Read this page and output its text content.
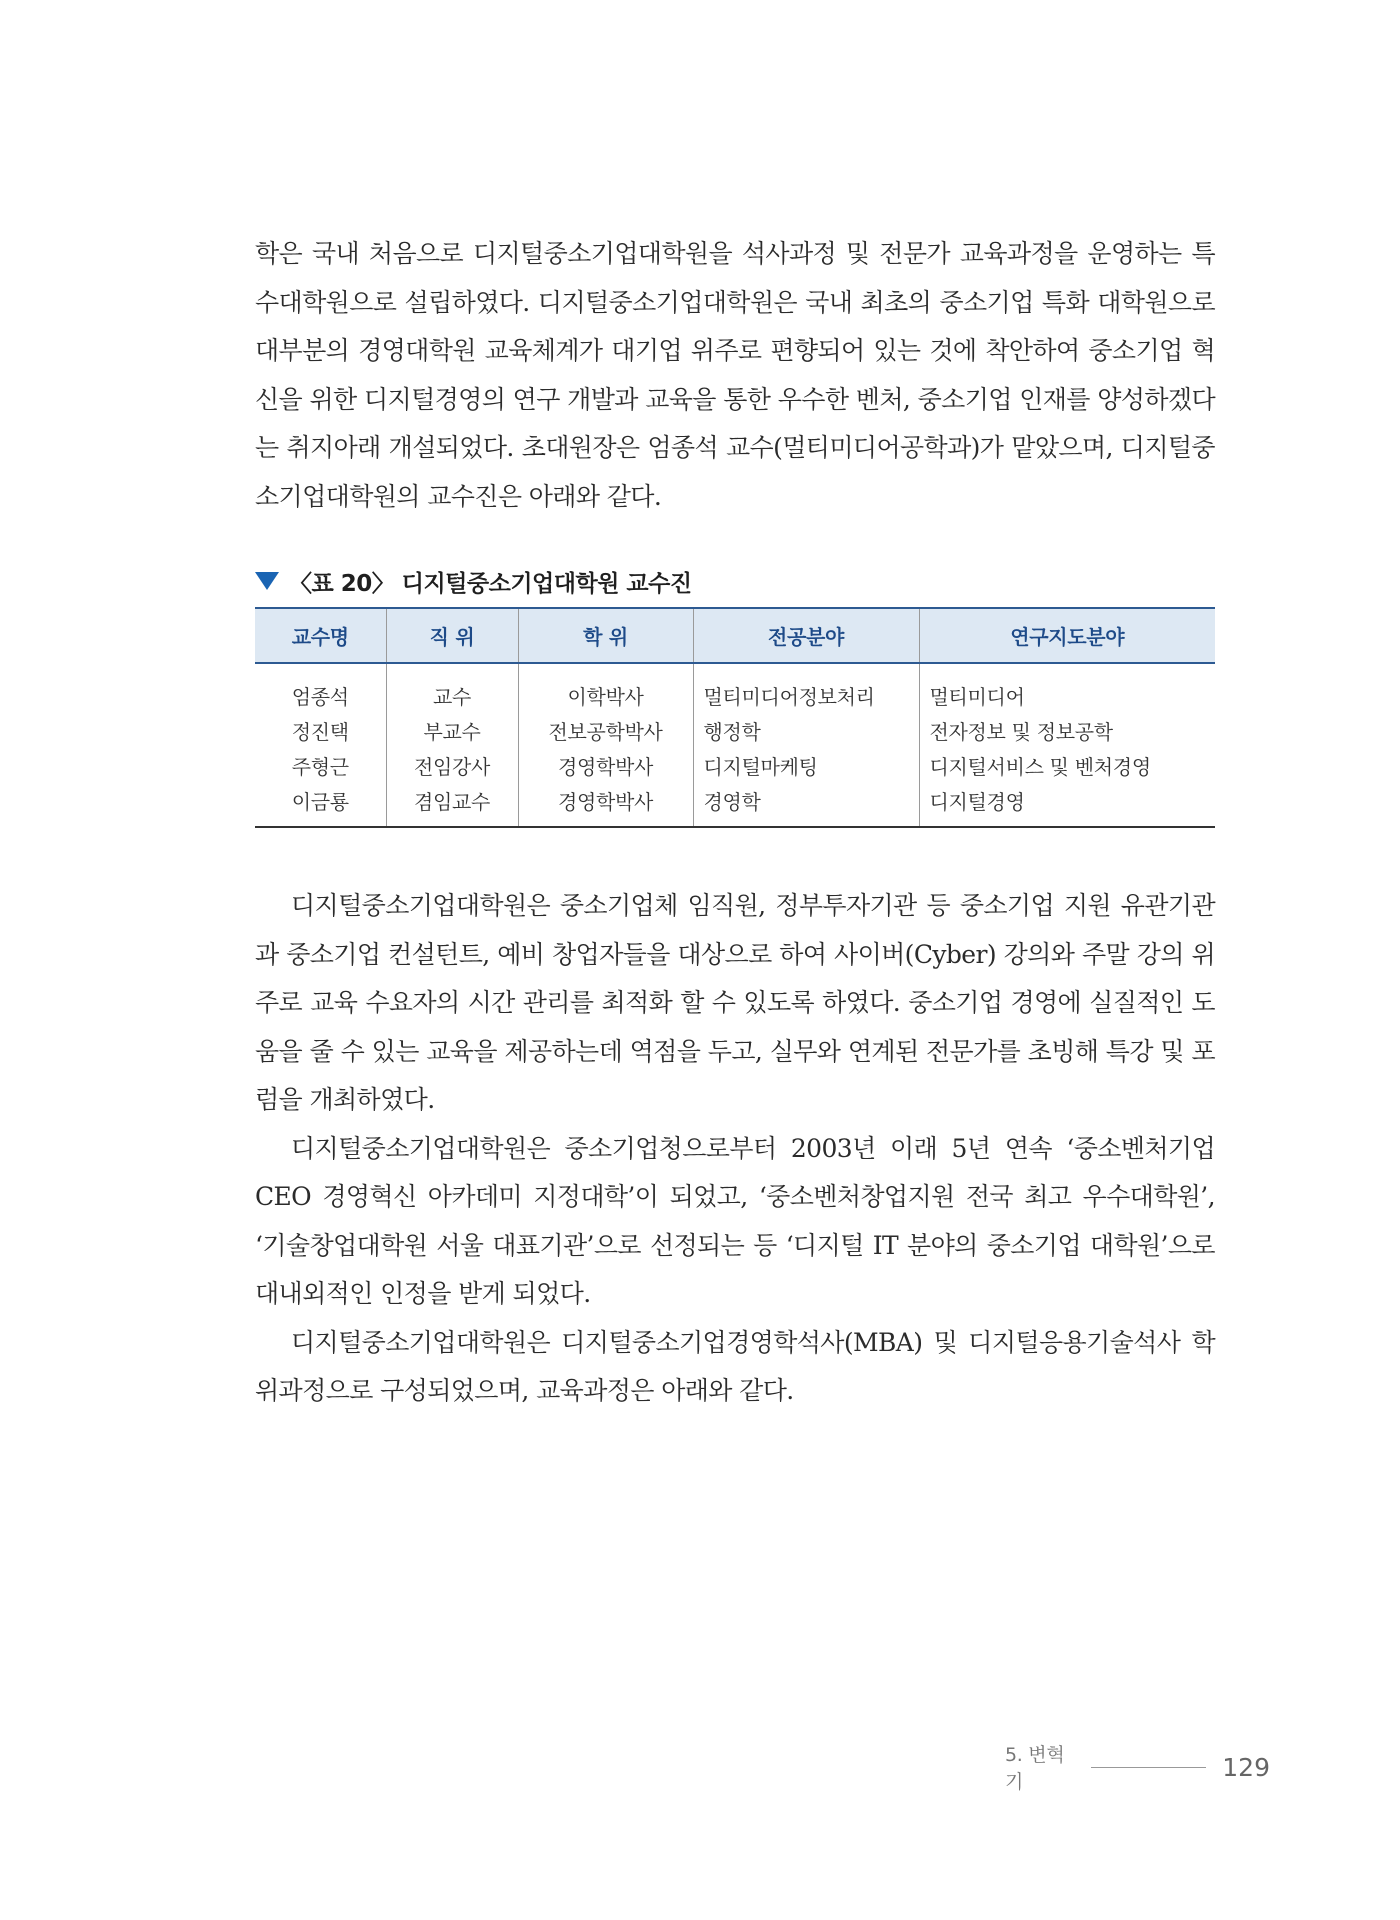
학은 국내 처음으로 디지털중소기업대학원을 석사과정 및 전문가 교육과정을 운영하는 특수대학원으로 설립하였다. 디지털중소기업대학원은 국내 최초의 중소기업 특화 대학원으로 대부분의 경영대학원 교육체계가 대기업 위주로 편향되어 있는 것에 착안하여 중소기업 혁신을 위한 디지털경영의 연구 개발과 교육을 통한 우수한 벤처, 중소기업 인재를 양성하겠다는 취지아래 개설되었다. 초대원장은 엄종석 교수(멀티미디어공학과)가 맡았으며, 디지털중소기업대학원의 교수진은 아래와 같다.

〈표 20〉 디지털중소기업대학원 교수진
교수명	직 위	학 위	전공분야	연구지도분야
엄종석	교수	이학박사	멀티미디어정보처리	멀티미디어
정진택	부교수	전보공학박사	행정학	전자정보 및 정보공학
주형근	전임강사	경영학박사	디지털마케팅	디지털서비스 및 벤처경영
이금룡	겸임교수	경영학박사	경영학	디지털경영

디지털중소기업대학원은 중소기업체 임직원, 정부투자기관 등 중소기업 지원 유관기관과 중소기업 컨설턴트, 예비 창업자들을 대상으로 하여 사이버(Cyber) 강의와 주말 강의 위주로 교육 수요자의 시간 관리를 최적화 할 수 있도록 하였다. 중소기업 경영에 실질적인 도움을 줄 수 있는 교육을 제공하는데 역점을 두고, 실무와 연계된 전문가를 초빙해 특강 및 포럼을 개최하였다.

디지털중소기업대학원은 중소기업청으로부터 2003년 이래 5년 연속 ‘중소벤처기업CEO 경영혁신 아카데미 지정대학’이 되었고, ‘중소벤처창업지원 전국 최고 우수대학원’, ‘기술창업대학원 서울 대표기관’으로 선정되는 등 ‘디지털 IT 분야의 중소기업 대학원’으로 대내외적인 인정을 받게 되었다.

디지털중소기업대학원은 디지털중소기업경영학석사(MBA) 및 디지털응용기술석사 학위과정으로 구성되었으며, 교육과정은 아래와 같다.

5. 변혁기
129
